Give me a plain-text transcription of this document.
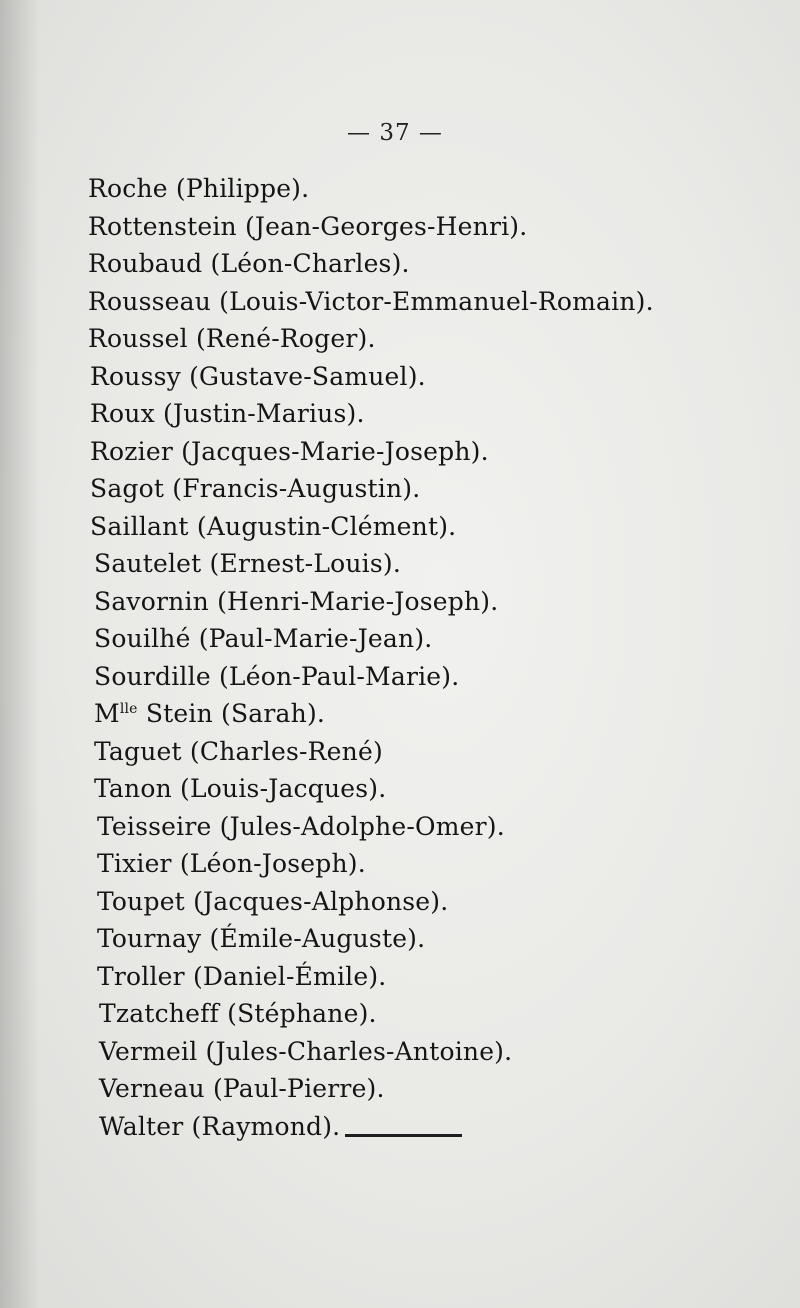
— 37 —
Roche (Philippe).
Rottenstein (Jean-Georges-Henri).
Roubaud (Léon-Charles).
Rousseau (Louis-Victor-Emmanuel-Romain).
Roussel (René-Roger).
Roussy (Gustave-Samuel).
Roux (Justin-Marius).
Rozier (Jacques-Marie-Joseph).
Sagot (Francis-Augustin).
Saillant (Augustin-Clément).
Sautelet (Ernest-Louis).
Savornin (Henri-Marie-Joseph).
Souilhé (Paul-Marie-Jean).
Sourdille (Léon-Paul-Marie).
$M^{lle}$ Stein (Sarah).
Taguet (Charles-René)
Tanon (Louis-Jacques).
Teisseire (Jules-Adolphe-Omer).
Tixier (Léon-Joseph).
Toupet (Jacques-Alphonse).
Tournay (Émile-Auguste).
Troller (Daniel-Émile).
Tzatcheff (Stéphane).
Vermeil (Jules-Charles-Antoine).
Verneau (Paul-Pierre).
Walter (Raymond).
